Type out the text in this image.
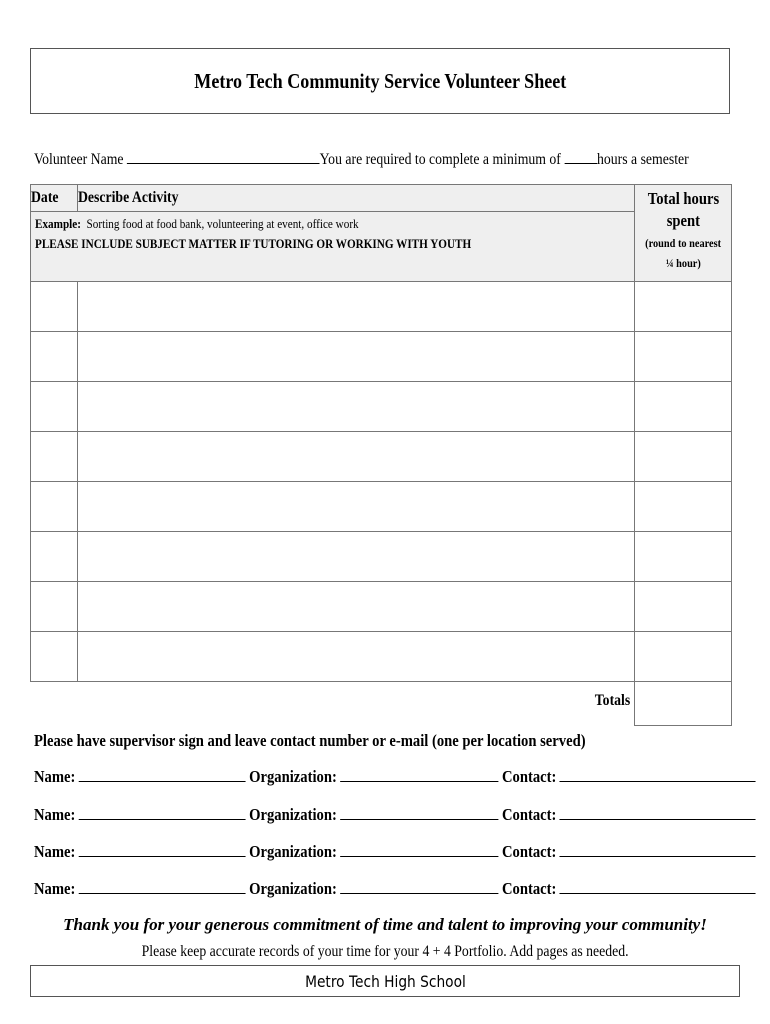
Metro Tech Community Service Volunteer Sheet
Volunteer Name	You are required to complete a minimum of hours a semester
Date	Describe Activity	Total hours
spent
(round to nearest
¼ hour)

Example: Sorting food at food bank, volunteering at event, office work
PLEASE INCLUDE SUBJECT MATTER IF TUTORING OR WORKING WITH YOUTH		

Totals		
Please have supervisor sign and leave contact number or e-mail (one per location served)
Name:	Organization:	Contact:
Name:	Organization:	Contact:
Name:	Organization:	Contact:
Name:	Organization:	Contact:
Thank you for your generous commitment of time and talent to improving your community!
Please keep accurate records of your time for your 4 + 4 Portfolio. Add pages as needed.
Metro Tech High School
